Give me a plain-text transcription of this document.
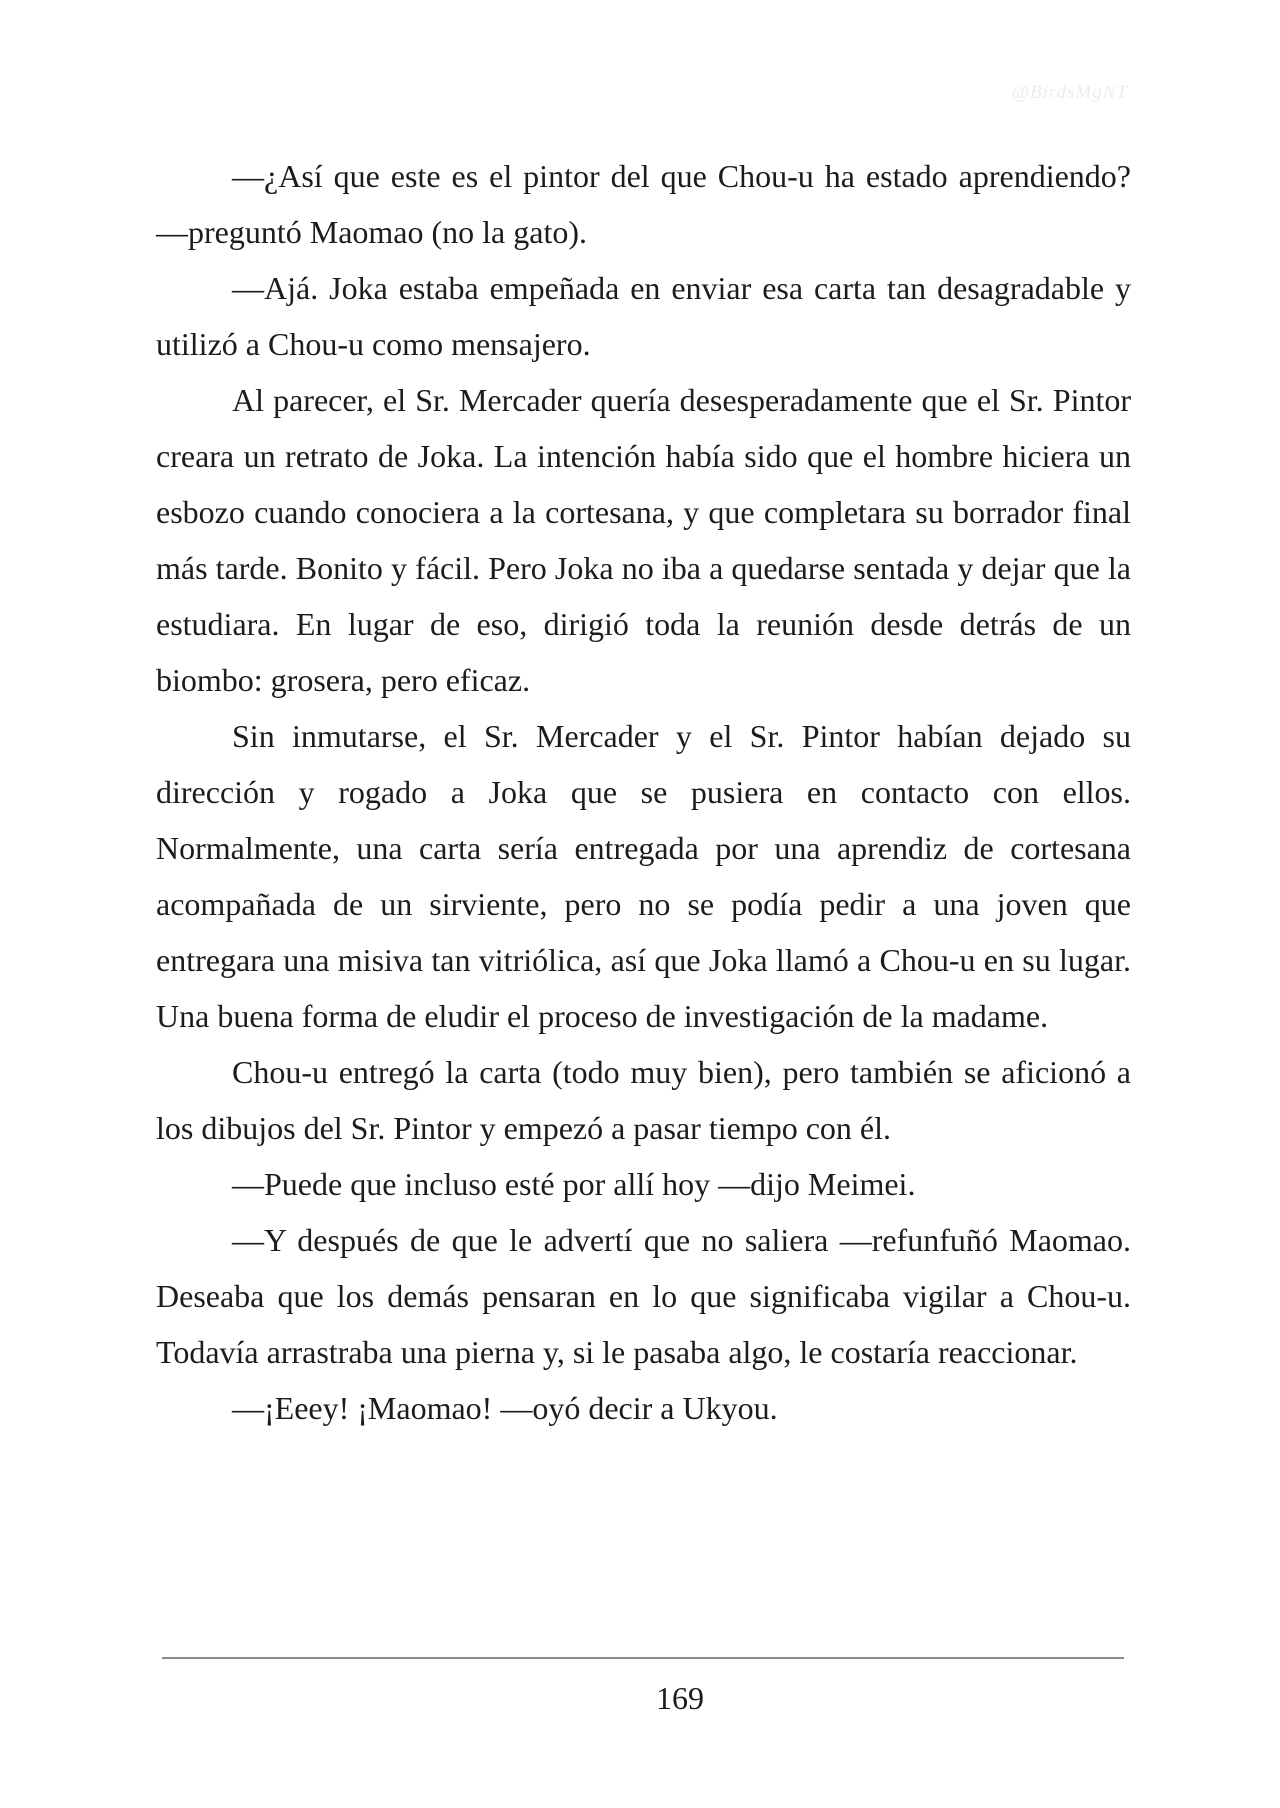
@BirdsMgNT

—¿Así que este es el pintor del que Chou-u ha estado aprendiendo? —preguntó Maomao (no la gato).

—Ajá. Joka estaba empeñada en enviar esa carta tan desagradable y utilizó a Chou-u como mensajero.

Al parecer, el Sr. Mercader quería desesperadamente que el Sr. Pintor creara un retrato de Joka. La intención había sido que el hombre hiciera un esbozo cuando conociera a la cortesana, y que completara su borrador final más tarde. Bonito y fácil. Pero Joka no iba a quedarse sentada y dejar que la estudiara. En lugar de eso, dirigió toda la reunión desde detrás de un biombo: grosera, pero eficaz.

Sin inmutarse, el Sr. Mercader y el Sr. Pintor habían dejado su dirección y rogado a Joka que se pusiera en contacto con ellos. Normalmente, una carta sería entregada por una aprendiz de cortesana acompañada de un sirviente, pero no se podía pedir a una joven que entregara una misiva tan vitriólica, así que Joka llamó a Chou-u en su lugar. Una buena forma de eludir el proceso de investigación de la madame.

Chou-u entregó la carta (todo muy bien), pero también se aficionó a los dibujos del Sr. Pintor y empezó a pasar tiempo con él.

—Puede que incluso esté por allí hoy —dijo Meimei.

—Y después de que le advertí que no saliera —refunfuñó Maomao. Deseaba que los demás pensaran en lo que significaba vigilar a Chou-u. Todavía arrastraba una pierna y, si le pasaba algo, le costaría reaccionar.

—¡Eeey! ¡Maomao! —oyó decir a Ukyou.

169
